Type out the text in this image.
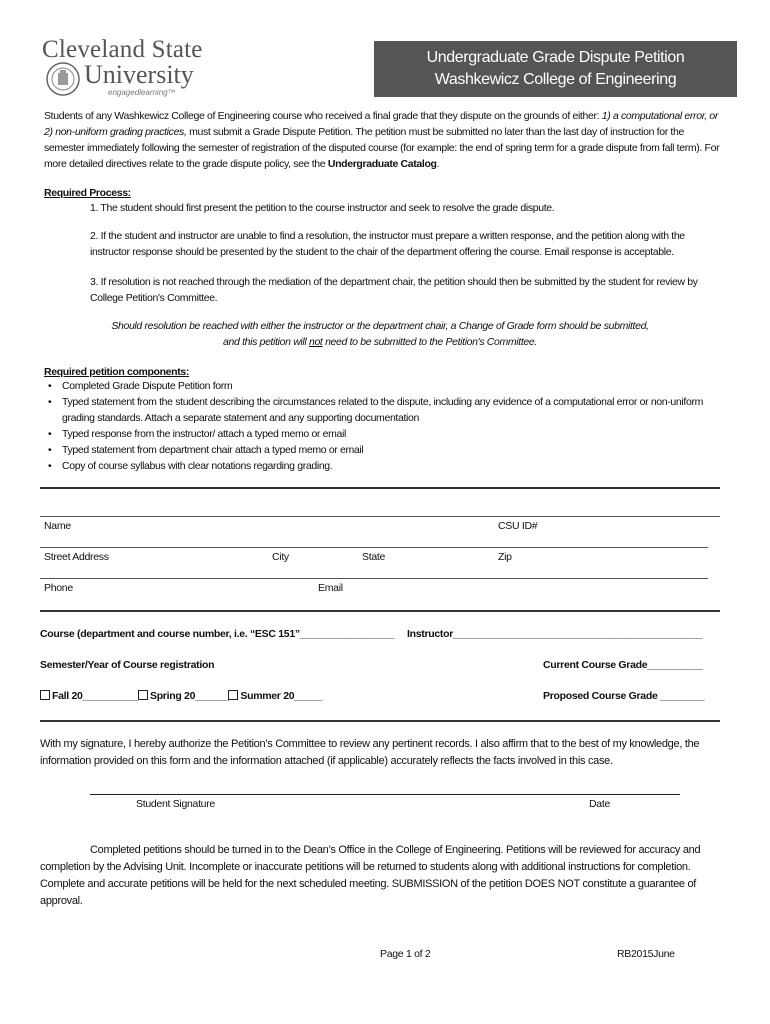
Cleveland State
University
engagedlearning™
Undergraduate Grade Dispute Petition
Washkewicz College of Engineering
Students of any Washkewicz College of Engineering course who received a final grade that they dispute on the grounds of either: 1) a computational error, or 2) non-uniform grading practices, must submit a Grade Dispute Petition. The petition must be submitted no later than the last day of instruction for the semester immediately following the semester of registration of the disputed course (for example: the end of spring term for a grade dispute from fall term). For more detailed directives relate to the grade dispute policy, see the Undergraduate Catalog.
Required Process:
1. The student should first present the petition to the course instructor and seek to resolve the grade dispute.
2. If the student and instructor are unable to find a resolution, the instructor must prepare a written response, and the petition along with the instructor response should be presented by the student to the chair of the department offering the course. Email response is acceptable.
3. If resolution is not reached through the mediation of the department chair, the petition should then be submitted by the student for review by College Petition's Committee.
Should resolution be reached with either the instructor or the department chair, a Change of Grade form should be submitted,
and this petition will not need to be submitted to the Petition's Committee.
Required petition components:
• Completed Grade Dispute Petition form
• Typed statement from the student describing the circumstances related to the dispute, including any evidence of a computational error or non-uniform grading standards. Attach a separate statement and any supporting documentation
• Typed response from the instructor/ attach a typed memo or email
• Typed statement from department chair attach a typed memo or email
• Copy of course syllabus with clear notations regarding grading.
Name	CSU ID#
Street Address	City	State	Zip
Phone	Email
Course (department and course number, i.e. “ESC 151”_________________ Instructor_____________________________________________
Semester/Year of Course registration	Current Course Grade__________
Fall 20__________ Spring 20______ Summer 20_____	Proposed Course Grade ________
With my signature, I hereby authorize the Petition’s Committee to review any pertinent records. I also affirm that to the best of my knowledge, the information provided on this form and the information attached (if applicable) accurately reflects the facts involved in this case.
Student Signature	Date
Completed petitions should be turned in to the Dean’s Office in the College of Engineering. Petitions will be reviewed for accuracy and completion by the Advising Unit. Incomplete or inaccurate petitions will be returned to students along with additional instructions for completion. Complete and accurate petitions will be held for the next scheduled meeting. SUBMISSION of the petition DOES NOT constitute a guarantee of approval.
Page 1 of 2	RB2015June
